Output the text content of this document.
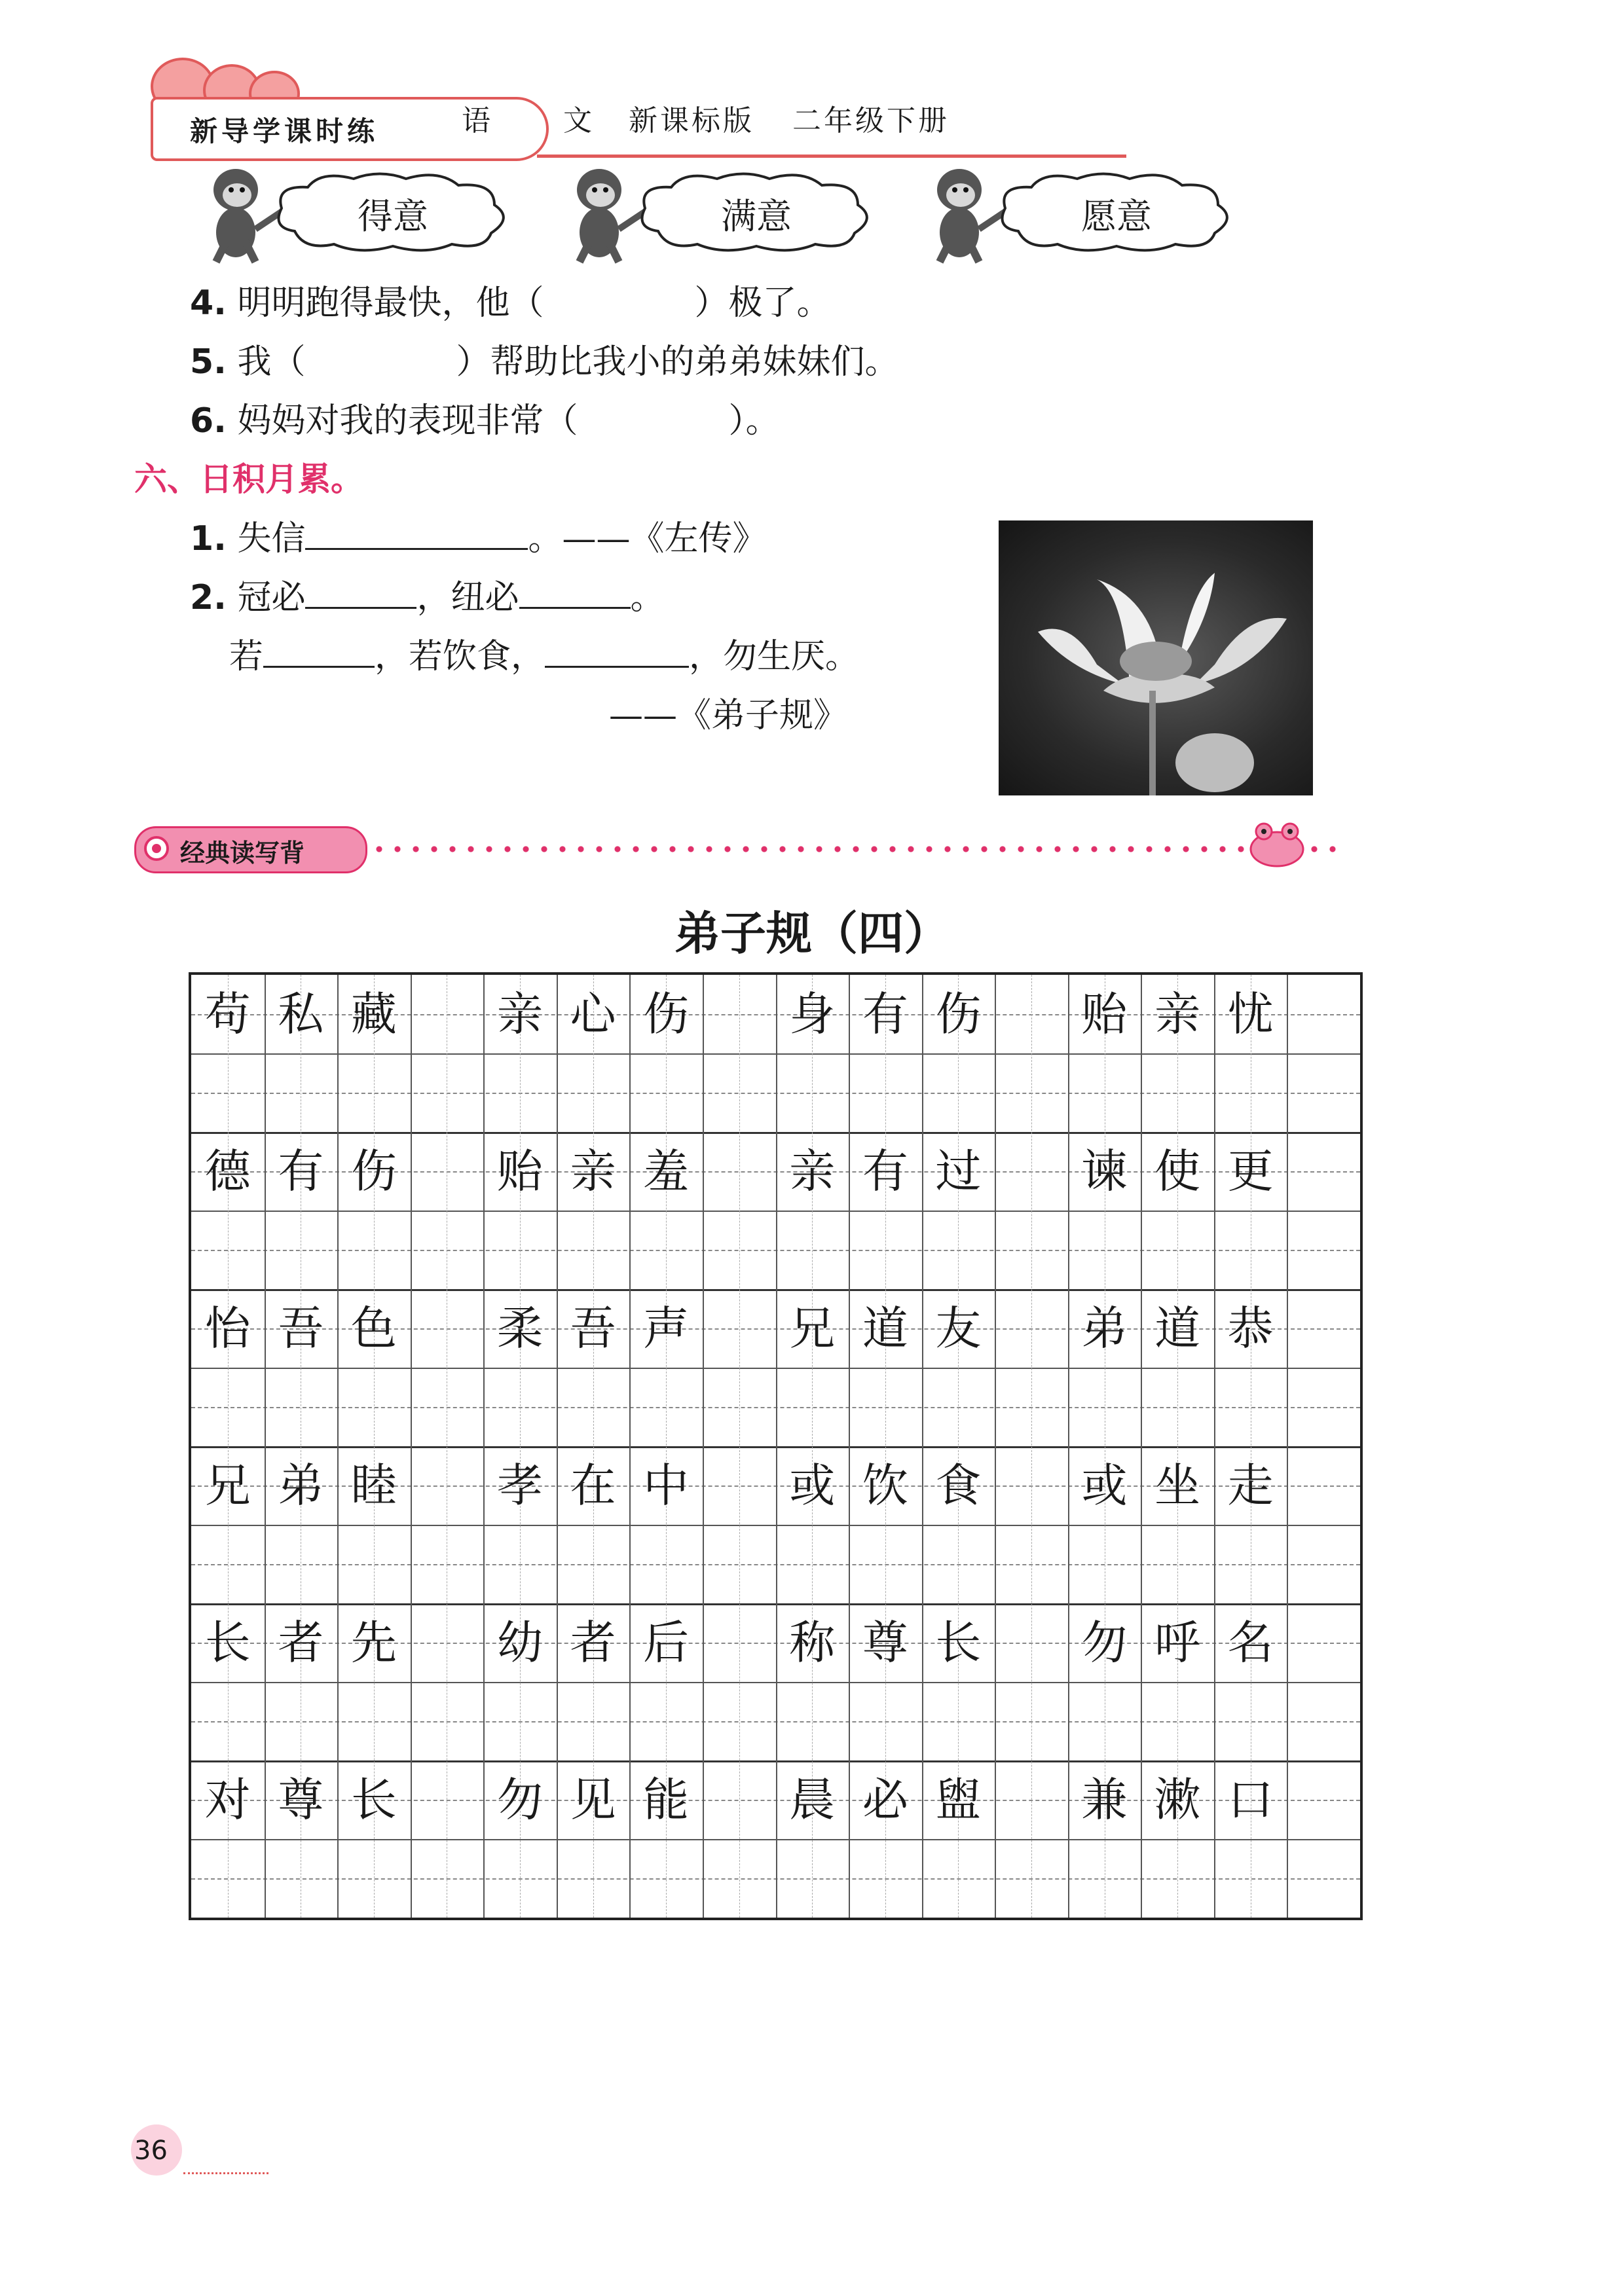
新导学课时练	语 文 新课标版 二年级下册
得意	满意	愿意
4. 明明跑得最快，他（	）极了。
5. 我（	）帮助比我小的弟弟妹妹们。
6. 妈妈对我的表现非常（	）。
六、日积月累。
1. 失信	。——《左传》
2. 冠必	，纽必	。
若	，若饮食，	，勿生厌。
——《弟子规》
经典读写背
弟子规（四）
苟 私 藏 亲 心 伤 身 有 伤 贻 亲 忧
德 有 伤 贻 亲 羞 亲 有 过 谏 使 更
怡 吾 色 柔 吾 声 兄 道 友 弟 道 恭
兄 弟 睦 孝 在 中 或 饮 食 或 坐 走
长 者 先 幼 者 后 称 尊 长 勿 呼 名
对 尊 长 勿 见 能 晨 必 盥 兼 漱 口
36
